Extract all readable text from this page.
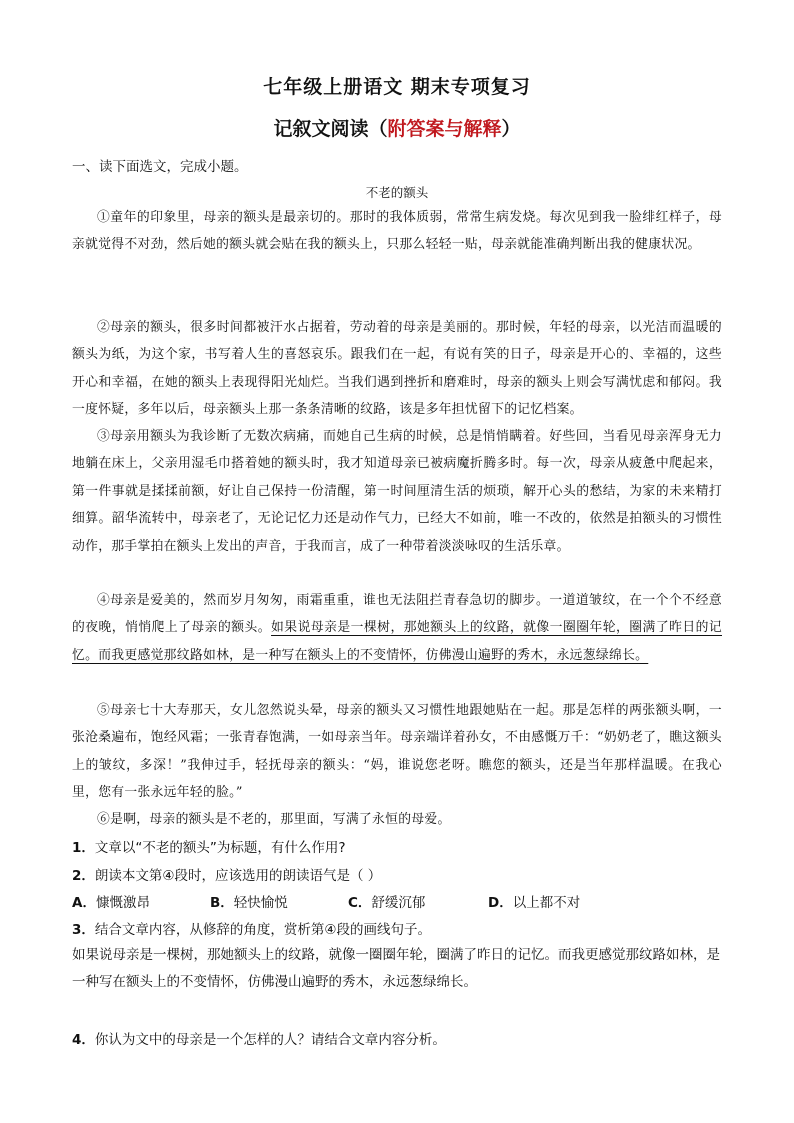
七年级上册语文 期末专项复习
记叙文阅读（附答案与解释）
一、读下面选文，完成小题。
不老的额头
①童年的印象里，母亲的额头是最亲切的。那时的我体质弱，常常生病发烧。每次见到我一脸绯红样子，母亲就觉得不对劲，然后她的额头就会贴在我的额头上，只那么轻轻一贴，母亲就能准确判断出我的健康状况。
②母亲的额头，很多时间都被汗水占据着，劳动着的母亲是美丽的。那时候，年轻的母亲，以光洁而温暖的额头为纸，为这个家，书写着人生的喜怒哀乐。跟我们在一起，有说有笑的日子，母亲是开心的、幸福的，这些开心和幸福，在她的额头上表现得阳光灿烂。当我们遇到挫折和磨难时，母亲的额头上则会写满忧虑和郁闷。我一度怀疑，多年以后，母亲额头上那一条条清晰的纹路，该是多年担忧留下的记忆档案。
③母亲用额头为我诊断了无数次病痛，而她自己生病的时候，总是悄悄瞒着。好些回，当看见母亲浑身无力地躺在床上，父亲用湿毛巾搭着她的额头时，我才知道母亲已被病魔折腾多时。每一次，母亲从疲惫中爬起来，第一件事就是揉揉前额，好让自己保持一份清醒，第一时间厘清生活的烦琐，解开心头的愁结，为家的未来精打细算。韶华流转中，母亲老了，无论记忆力还是动作气力，已经大不如前，唯一不改的，依然是拍额头的习惯性动作，那手掌拍在额头上发出的声音，于我而言，成了一种带着淡淡咏叹的生活乐章。
④母亲是爱美的，然而岁月匆匆，雨霜重重，谁也无法阻拦青春急切的脚步。一道道皱纹，在一个个不经意的夜晚，悄悄爬上了母亲的额头。如果说母亲是一棵树，那她额头上的纹路，就像一圈圈年轮，圈满了昨日的记忆。而我更感觉那纹路如林，是一种写在额头上的不变情怀，仿佛漫山遍野的秀木，永远葱绿绵长。
⑤母亲七十大寿那天，女儿忽然说头晕，母亲的额头又习惯性地跟她贴在一起。那是怎样的两张额头啊，一张沧桑遍布，饱经风霜；一张青春饱满，一如母亲当年。母亲端详着孙女，不由感慨万千：“奶奶老了，瞧这额头上的皱纹，多深！”我伸过手，轻抚母亲的额头：“妈，谁说您老呀。瞧您的额头，还是当年那样温暖。在我心里，您有一张永远年轻的脸。”
⑥是啊，母亲的额头是不老的，那里面，写满了永恒的母爱。
1．文章以“不老的额头”为标题，有什么作用?
2．朗读本文第④段时，应该选用的朗读语气是（ ）
A．慷慨激昂	B．轻快愉悦	C．舒缓沉郁	D．以上都不对
3．结合文章内容，从修辞的角度，赏析第④段的画线句子。
如果说母亲是一棵树，那她额头上的纹路，就像一圈圈年轮，圈满了昨日的记忆。而我更感觉那纹路如林，是一种写在额头上的不变情怀，仿佛漫山遍野的秀木，永远葱绿绵长。
4．你认为文中的母亲是一个怎样的人？请结合文章内容分析。
